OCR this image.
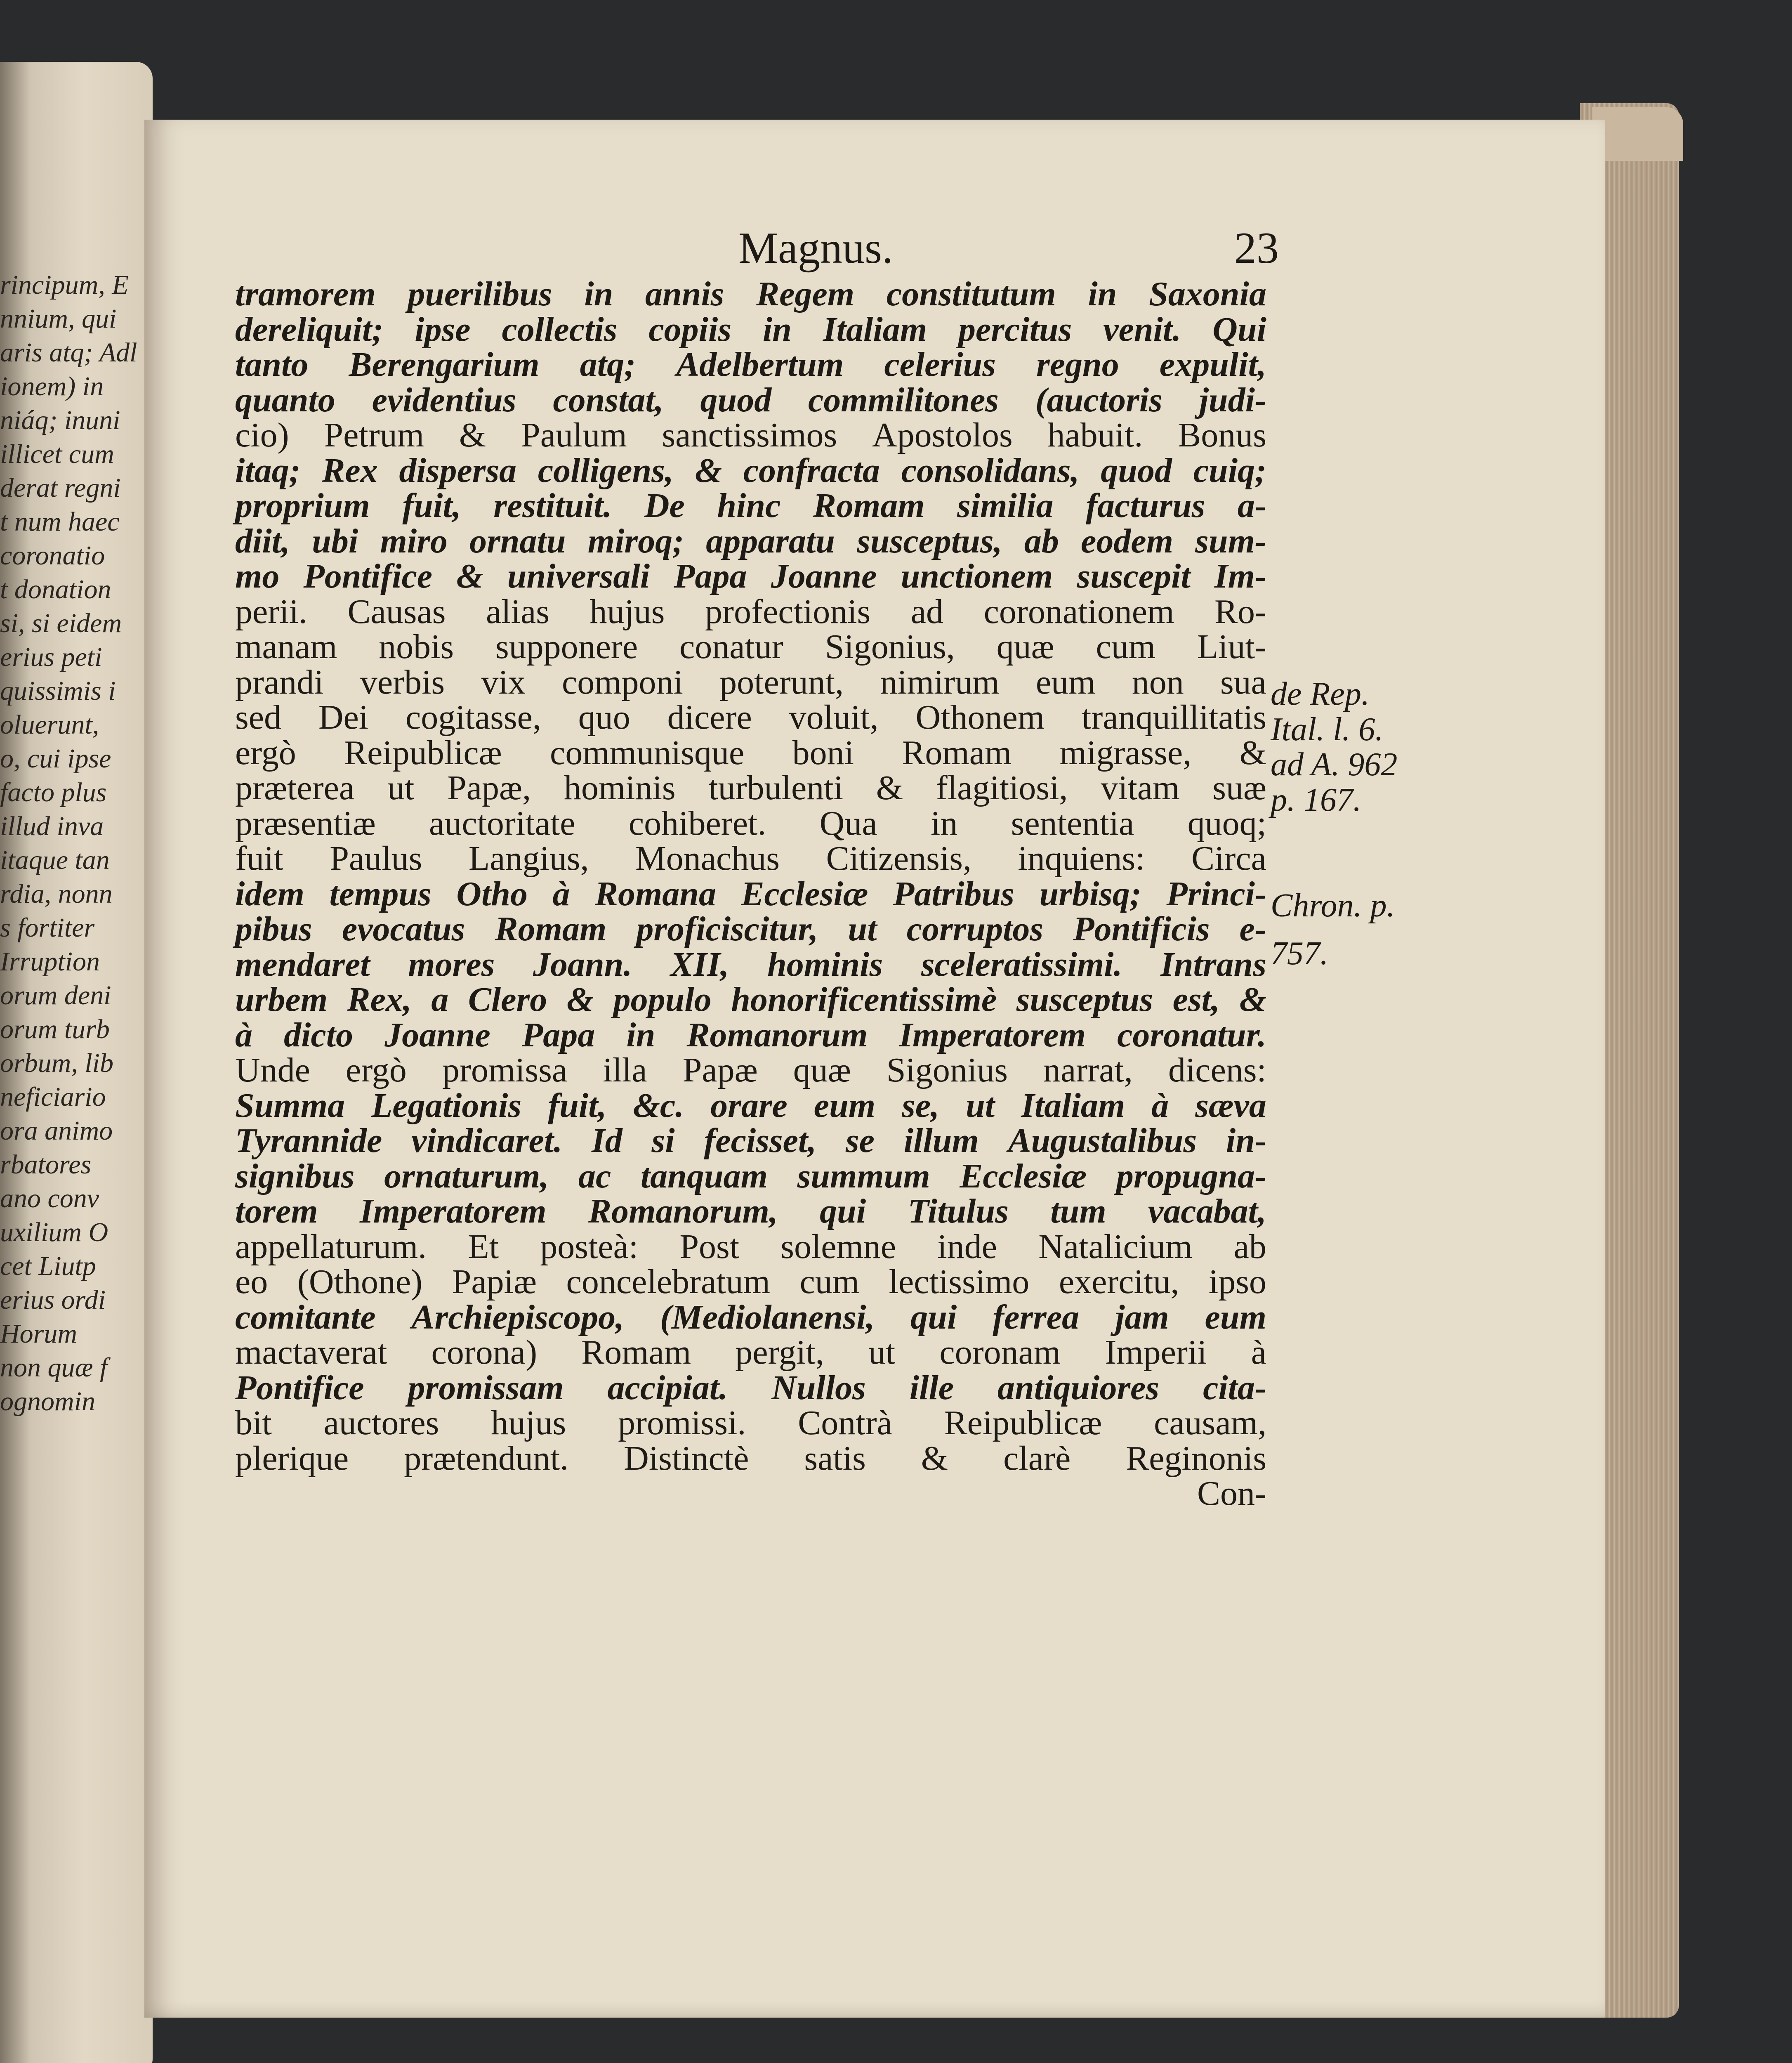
rincipum, E
nnium, qui
aris atq; Adl
ionem) in
niáq; inuni
illicet cum
derat regni
t num haec
coronatio
t donation
si, si eidem
erius peti
quissimis i
oluerunt,
o, cui ipse
facto plus
illud inva
itaque tan
rdia, nonn
s fortiter
Irruption
orum deni
orum turb
orbum, lib
neficiario
ora animo
rbatores
ano conv
uxilium O
cet Liutp
erius ordi
Horum
non quæ f
ognomin
Magnus.	23
tramorem puerilibus in annis Regem constitutum in Saxonia
dereliquit; ipse collectis copiis in Italiam percitus venit. Qui
tanto Berengarium atq; Adelbertum celerius regno expulit,
quanto evidentius constat, quod commilitones (auctoris judi-
cio) Petrum & Paulum sanctissimos Apostolos habuit. Bonus
itaq; Rex dispersa colligens, & confracta consolidans, quod cuiq;
proprium fuit, restituit. De hinc Romam similia facturus a-
diit, ubi miro ornatu miroq; apparatu susceptus, ab eodem sum-
mo Pontifice & universali Papa Joanne unctionem suscepit Im-
perii. Causas alias hujus profectionis ad coronationem Ro-
manam nobis supponere conatur Sigonius, quæ cum Liut-
prandi verbis vix componi poterunt, nimirum eum non sua
sed Dei cogitasse, quo dicere voluit, Othonem tranquillitatis
ergò Reipublicæ communisque boni Romam migrasse, &
præterea ut Papæ, hominis turbulenti & flagitiosi, vitam suæ
præsentiæ auctoritate cohiberet. Qua in sententia quoq;
fuit Paulus Langius, Monachus Citizensis, inquiens: Circa
idem tempus Otho à Romana Ecclesiæ Patribus urbisq; Princi-
pibus evocatus Romam proficiscitur, ut corruptos Pontificis e-
mendaret mores Joann. XII, hominis sceleratissimi. Intrans
urbem Rex, a Clero & populo honorificentissimè susceptus est, &
à dicto Joanne Papa in Romanorum Imperatorem coronatur.
Unde ergò promissa illa Papæ quæ Sigonius narrat, dicens:
Summa Legationis fuit, &c. orare eum se, ut Italiam à sæva
Tyrannide vindicaret. Id si fecisset, se illum Augustalibus in-
signibus ornaturum, ac tanquam summum Ecclesiæ propugna-
torem Imperatorem Romanorum, qui Titulus tum vacabat,
appellaturum. Et posteà: Post solemne inde Natalicium ab
eo (Othone) Papiæ concelebratum cum lectissimo exercitu, ipso
comitante Archiepiscopo, (Mediolanensi, qui ferrea jam eum
mactaverat corona) Romam pergit, ut coronam Imperii à
Pontifice promissam accipiat. Nullos ille antiquiores cita-
bit auctores hujus promissi. Contrà Reipublicæ causam,
plerique prætendunt. Distinctè satis & clarè Reginonis
Con-
de Rep.
Ital. l. 6.
ad A. 962
p. 167.
Chron. p.
757.
